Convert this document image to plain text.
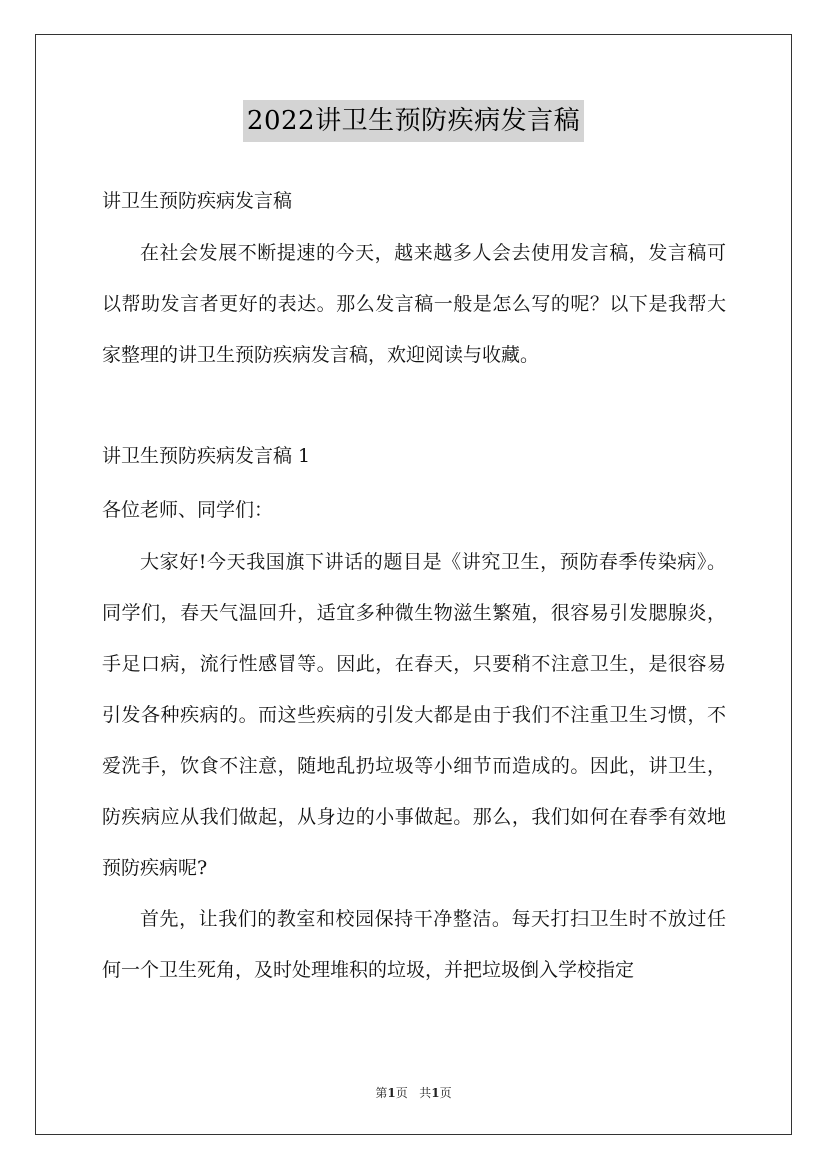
2022讲卫生预防疾病发言稿

讲卫生预防疾病发言稿

在社会发展不断提速的今天，越来越多人会去使用发言稿，发言稿可以帮助发言者更好的表达。那么发言稿一般是怎么写的呢？以下是我帮大家整理的讲卫生预防疾病发言稿，欢迎阅读与收藏。

讲卫生预防疾病发言稿 1

各位老师、同学们：

大家好!今天我国旗下讲话的题目是《讲究卫生，预防春季传染病》。同学们，春天气温回升，适宜多种微生物滋生繁殖，很容易引发腮腺炎，手足口病，流行性感冒等。因此，在春天，只要稍不注意卫生，是很容易引发各种疾病的。而这些疾病的引发大都是由于我们不注重卫生习惯，不爱洗手，饮食不注意，随地乱扔垃圾等小细节而造成的。因此，讲卫生，防疾病应从我们做起，从身边的小事做起。那么，我们如何在春季有效地预防疾病呢?

首先，让我们的教室和校园保持干净整洁。每天打扫卫生时不放过任何一个卫生死角，及时处理堆积的垃圾，并把垃圾倒入学校指定

第1页 共1页
